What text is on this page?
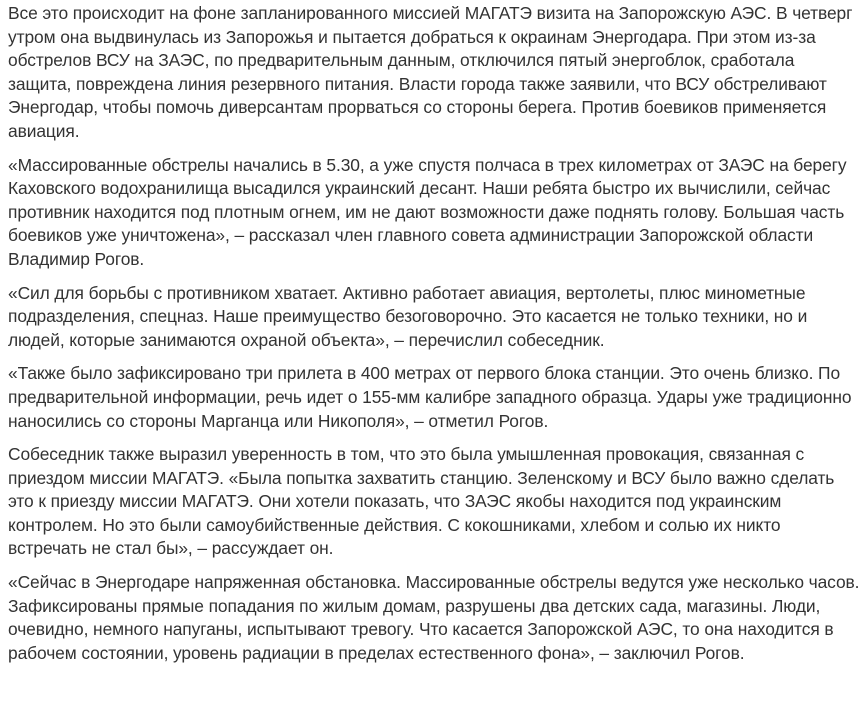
Все это происходит на фоне запланированного миссией МАГАТЭ визита на Запорожскую АЭС. В четверг утром она выдвинулась из Запорожья и пытается добраться к окраинам Энергодара. При этом из-за обстрелов ВСУ на ЗАЭС, по предварительным данным, отключился пятый энергоблок, сработала защита, повреждена линия резервного питания. Власти города также заявили, что ВСУ обстреливают Энергодар, чтобы помочь диверсантам прорваться со стороны берега. Против боевиков применяется авиация.

«Массированные обстрелы начались в 5.30, а уже спустя полчаса в трех километрах от ЗАЭС на берегу Каховского водохранилища высадился украинский десант. Наши ребята быстро их вычислили, сейчас противник находится под плотным огнем, им не дают возможности даже поднять голову. Большая часть боевиков уже уничтожена», – рассказал член главного совета администрации Запорожской области Владимир Рогов.

«Сил для борьбы с противником хватает. Активно работает авиация, вертолеты, плюс минометные подразделения, спецназ. Наше преимущество безоговорочно. Это касается не только техники, но и людей, которые занимаются охраной объекта», – перечислил собеседник.

«Также было зафиксировано три прилета в 400 метрах от первого блока станции. Это очень близко. По предварительной информации, речь идет о 155-мм калибре западного образца. Удары уже традиционно наносились со стороны Марганца или Никополя», – отметил Рогов.

Собеседник также выразил уверенность в том, что это была умышленная провокация, связанная с приездом миссии МАГАТЭ. «Была попытка захватить станцию. Зеленскому и ВСУ было важно сделать это к приезду миссии МАГАТЭ. Они хотели показать, что ЗАЭС якобы находится под украинским контролем. Но это были самоубийственные действия. С кокошниками, хлебом и солью их никто встречать не стал бы», – рассуждает он.

«Сейчас в Энергодаре напряженная обстановка. Массированные обстрелы ведутся уже несколько часов. Зафиксированы прямые попадания по жилым домам, разрушены два детских сада, магазины. Люди, очевидно, немного напуганы, испытывают тревогу. Что касается Запорожской АЭС, то она находится в рабочем состоянии, уровень радиации в пределах естественного фона», – заключил Рогов.
